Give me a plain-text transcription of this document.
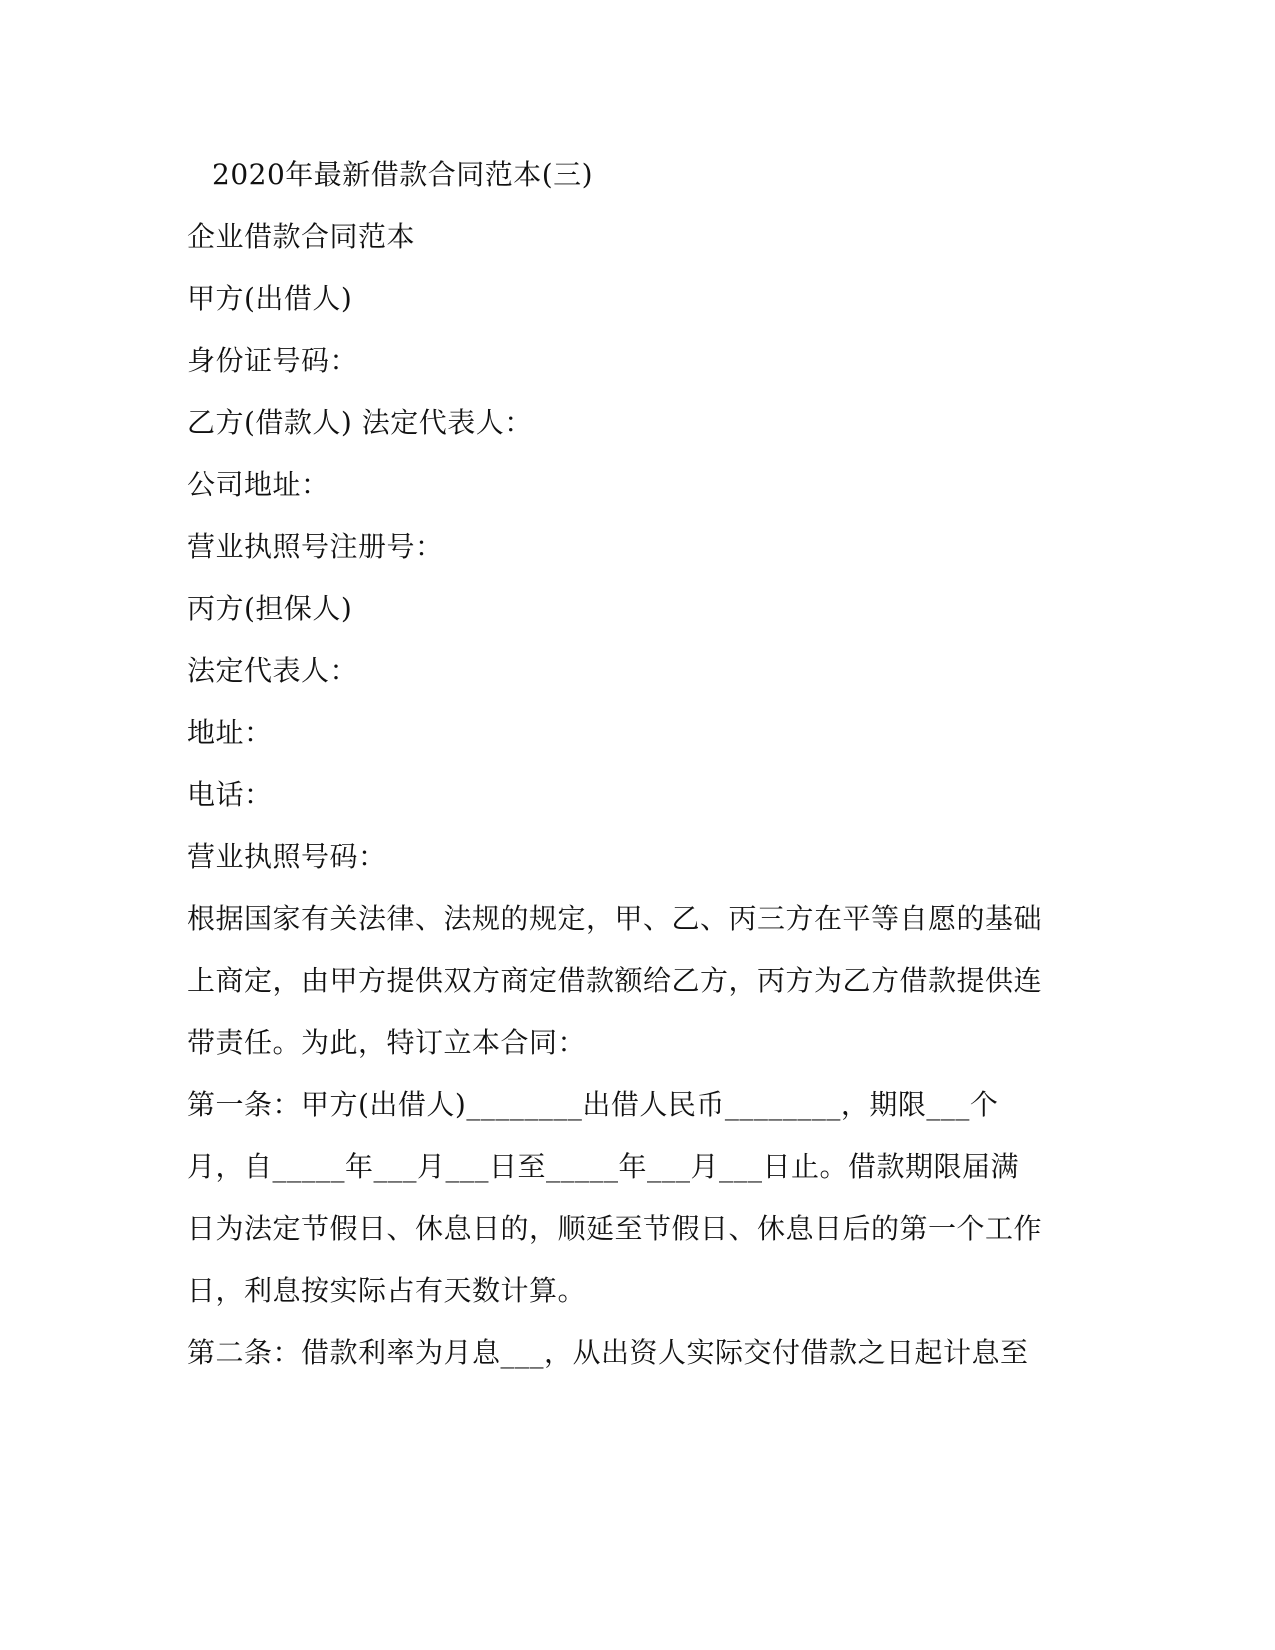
2020年最新借款合同范本(三)
企业借款合同范本
甲方(出借人)
身份证号码：
乙方(借款人) 法定代表人：
公司地址：
营业执照号注册号：
丙方(担保人)
法定代表人：
地址：
电话：
营业执照号码：
根据国家有关法律、法规的规定，甲、乙、丙三方在平等自愿的基础
上商定，由甲方提供双方商定借款额给乙方，丙方为乙方借款提供连
带责任。为此，特订立本合同：
第一条：甲方(出借人)________出借人民币________，期限___个
月，自_____年___月___日至_____年___月___日止。借款期限届满
日为法定节假日、休息日的，顺延至节假日、休息日后的第一个工作
日，利息按实际占有天数计算。
第二条：借款利率为月息___，从出资人实际交付借款之日起计息至
